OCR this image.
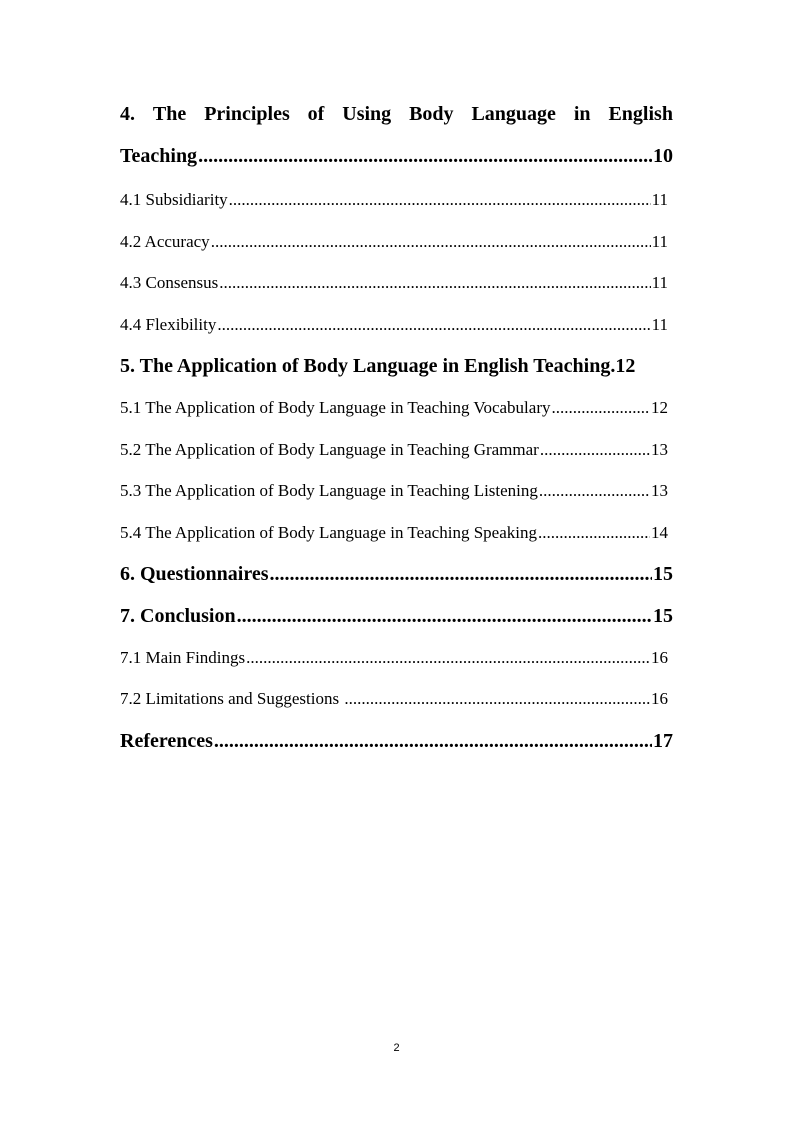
4. The Principles of Using Body Language in English
Teaching .....	10
4.1 Subsidiarity .....	11
4.2 Accuracy .....	11
4.3 Consensus .....	11
4.4 Flexibility .....	11
5. The Application of Body Language in English Teaching. 12
5.1 The Application of Body Language in Teaching Vocabulary .....	12
5.2 The Application of Body Language in Teaching Grammar .....	13
5.3 The Application of Body Language in Teaching Listening .....	13
5.4 The Application of Body Language in Teaching Speaking .....	14
6. Questionnaires .....	15
7. Conclusion .....	15
7.1 Main Findings .....	16
7.2 Limitations and Suggestions .....	16
References .....	17
2
